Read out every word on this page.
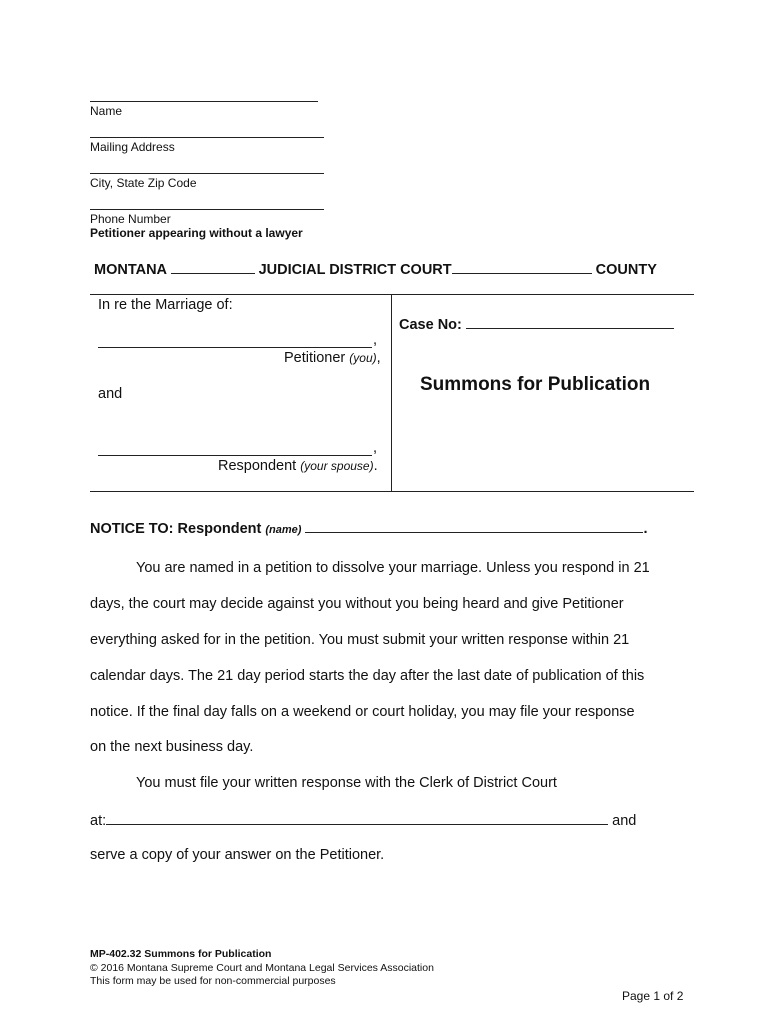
Name
Mailing Address
City, State Zip Code
Phone Number
Petitioner appearing without a lawyer
MONTANA	JUDICIAL DISTRICT COURT	COUNTY
In re the Marriage of:
,
Petitioner (you),
and
,
Respondent (your spouse).
Case No:
Summons for Publication
NOTICE TO: Respondent (name)	.
You are named in a petition to dissolve your marriage. Unless you respond in 21
days, the court may decide against you without you being heard and give Petitioner
everything asked for in the petition. You must submit your written response within 21
calendar days. The 21 day period starts the day after the last date of publication of this
notice. If the final day falls on a weekend or court holiday, you may file your response
on the next business day.
You must file your written response with the Clerk of District Court
at:	and
serve a copy of your answer on the Petitioner.
MP-402.32 Summons for Publication
© 2016 Montana Supreme Court and Montana Legal Services Association
This form may be used for non-commercial purposes
Page 1 of 2
